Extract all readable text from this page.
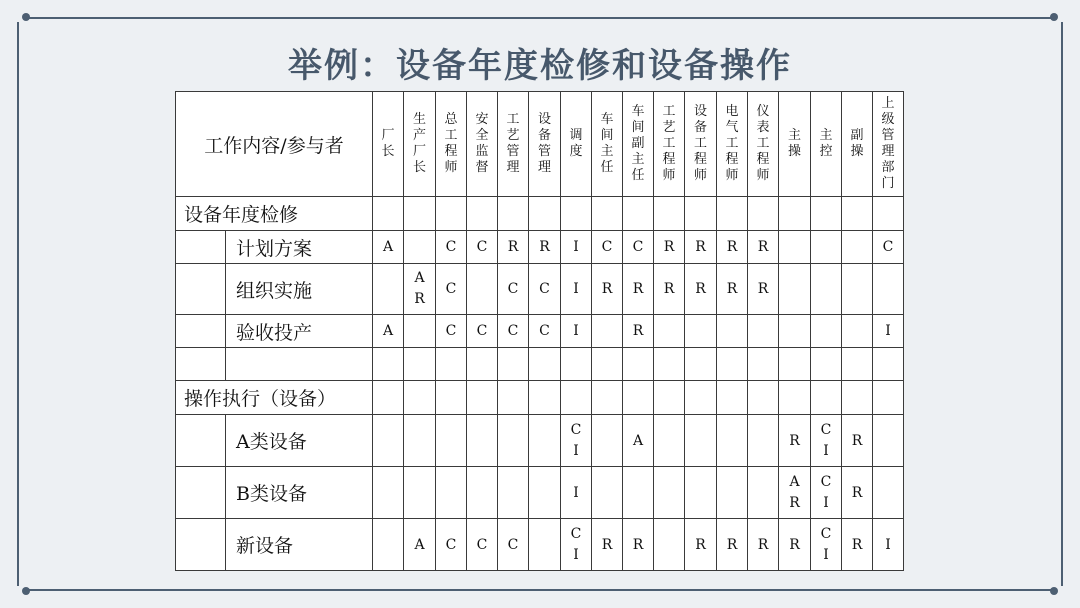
举例：设备年度检修和设备操作
工作内容/参与者		厂长	生产厂长	总工程师	安全监督	工艺管理	设备管理	调度	车间主任	车间副主任	工艺工程师	设备工程师	电气工程师	仪表工程师	主操	主控	副操	上级管理部门
设备年度检修																		
	计划方案	A		C	C	R	R	I	C	C	R	R	R	R				C
	组织实施		AR	C		C	C	I	R	R	R	R	R	R				
	验收投产	A		C	C	C	C	I		R								I

操作执行（设备）																		
	A类设备							CI		A					R	CI	R	
	B类设备							I							AR	CI	R	
	新设备		A	C	C	C		CI	R	R		R	R	R	R	CI	R	I
